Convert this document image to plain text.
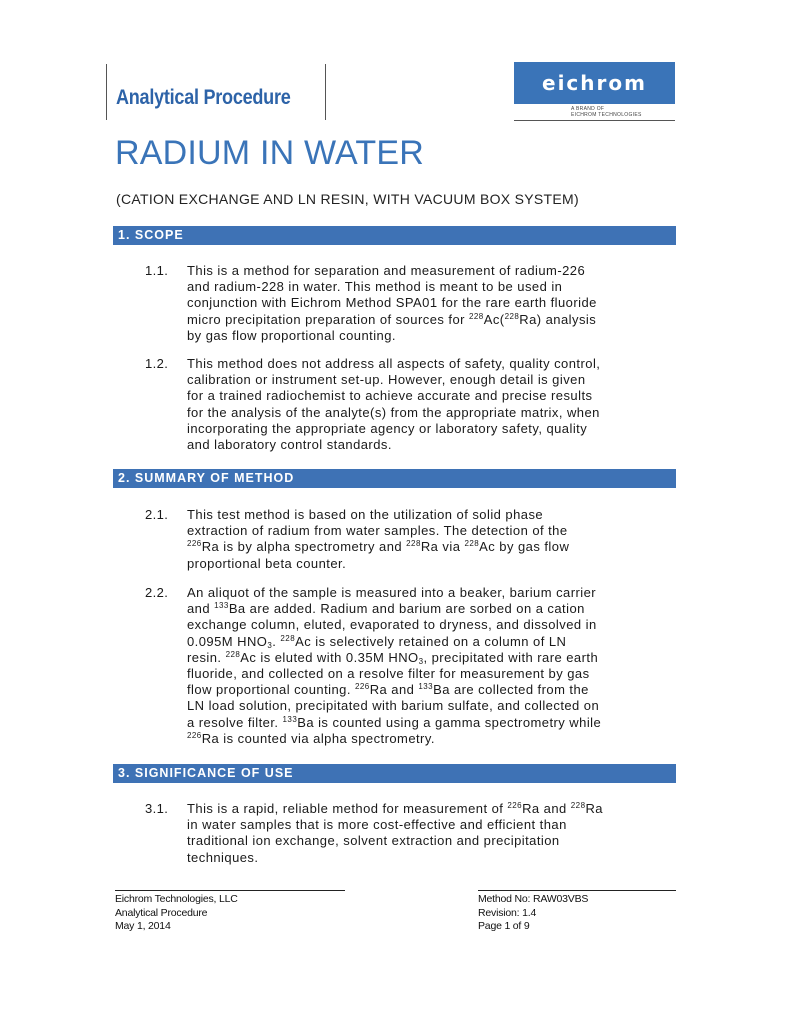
Analytical Procedure
eichrom
A BRAND OF
EICHROM TECHNOLOGIES
RADIUM IN WATER
(CATION EXCHANGE AND LN RESIN, WITH VACUUM BOX SYSTEM)
1. SCOPE
1.1. This is a method for separation and measurement of radium-226
and radium-228 in water. This method is meant to be used in
conjunction with Eichrom Method SPA01 for the rare earth fluoride
micro precipitation preparation of sources for $^{228}$Ac($^{228}$Ra) analysis
by gas flow proportional counting.
1.2. This method does not address all aspects of safety, quality control,
calibration or instrument set-up. However, enough detail is given
for a trained radiochemist to achieve accurate and precise results
for the analysis of the analyte(s) from the appropriate matrix, when
incorporating the appropriate agency or laboratory safety, quality
and laboratory control standards.
2. SUMMARY OF METHOD
2.1. This test method is based on the utilization of solid phase
extraction of radium from water samples. The detection of the
$^{226}$Ra is by alpha spectrometry and $^{228}$Ra via $^{228}$Ac by gas flow
proportional beta counter.
2.2. An aliquot of the sample is measured into a beaker, barium carrier
and $^{133}$Ba are added. Radium and barium are sorbed on a cation
exchange column, eluted, evaporated to dryness, and dissolved in
0.095M $HNO_3$. $^{228}$Ac is selectively retained on a column of LN
resin. $^{228}$Ac is eluted with 0.35M $HNO_3$, precipitated with rare earth
fluoride, and collected on a resolve filter for measurement by gas
flow proportional counting. $^{226}$Ra and $^{133}$Ba are collected from the
LN load solution, precipitated with barium sulfate, and collected on
a resolve filter. $^{133}$Ba is counted using a gamma spectrometry while
$^{226}$Ra is counted via alpha spectrometry.
3. SIGNIFICANCE OF USE
3.1. This is a rapid, reliable method for measurement of $^{226}$Ra and $^{228}$Ra
in water samples that is more cost-effective and efficient than
traditional ion exchange, solvent extraction and precipitation
techniques.
Eichrom Technologies, LLC
Analytical Procedure
May 1, 2014
Method No: RAW03VBS
Revision: 1.4
Page 1 of 9
